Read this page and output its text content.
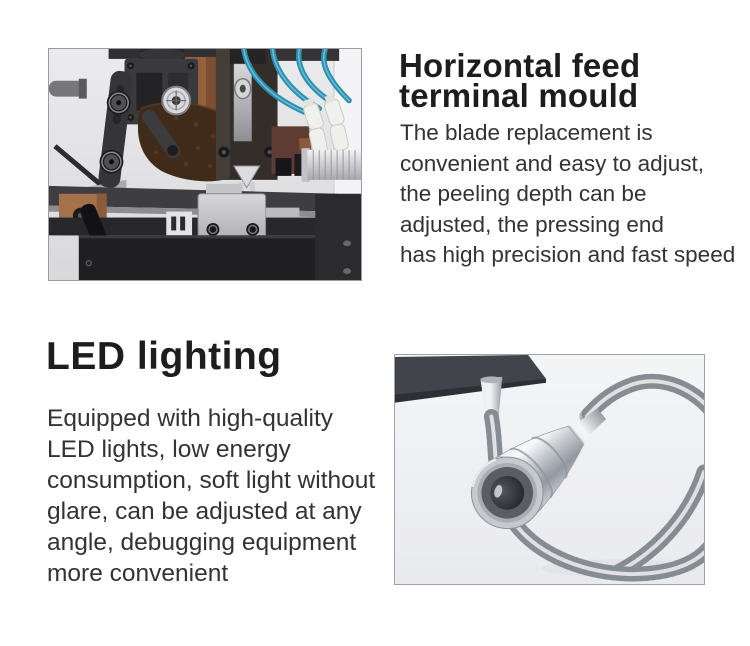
Horizontal feed
terminal mould
The blade replacement is
convenient and easy to adjust,
the peeling depth can be
adjusted, the pressing end
has high precision and fast speed
LED lighting
Equipped with high-quality
LED lights, low energy
consumption, soft light without
glare, can be adjusted at any
angle, debugging equipment
more convenient
